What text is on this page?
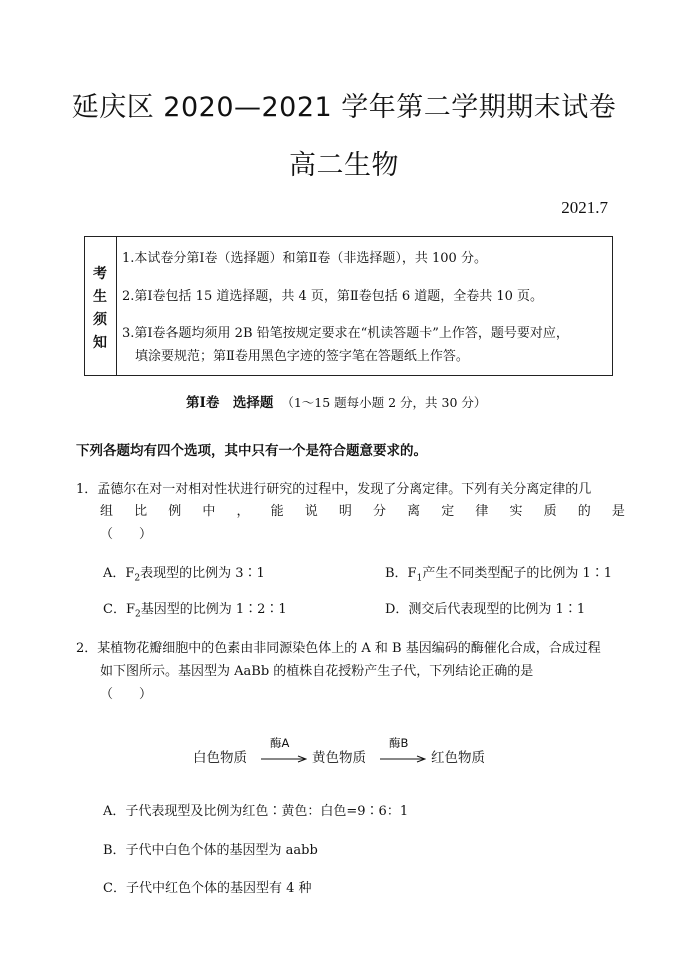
延庆区 2020—2021 学年第二学期期末试卷
高二生物
2021.7
考
生
须
知
1.本试卷分第Ⅰ卷（选择题）和第Ⅱ卷（非选择题），共 100 分。
2.第Ⅰ卷包括 15 道选择题，共 4 页，第Ⅱ卷包括 6 道题，全卷共 10 页。
3.第Ⅰ卷各题均须用 2B 铅笔按规定要求在“机读答题卡”上作答，题号要对应，
填涂要规范；第Ⅱ卷用黑色字迹的签字笔在答题纸上作答。
第Ⅰ卷　选择题 （1～15 题每小题 2 分，共 30 分）
下列各题均有四个选项，其中只有一个是符合题意要求的。
1．孟德尔在对一对相对性状进行研究的过程中，发现了分离定律。下列有关分离定律的几
组 比 例 中 ， 能 说 明 分 离 定 律 实 质 的 是
（　　）
A．$F_2$表现型的比例为 3∶1	B．$F_1$产生不同类型配子的比例为 1∶1
C．$F_2$基因型的比例为 1∶2∶1	D．测交后代表现型的比例为 1∶1
2．某植物花瓣细胞中的色素由非同源染色体上的 A 和 B 基因编码的酶催化合成，合成过程
如下图所示。基因型为 AaBb 的植株自花授粉产生子代，下列结论正确的是
（　　）
白色物质
酶A
黄色物质
酶B
红色物质
A．子代表现型及比例为红色∶黄色：白色=9∶6：1
B．子代中白色个体的基因型为 aabb
C．子代中红色个体的基因型有 4 种
